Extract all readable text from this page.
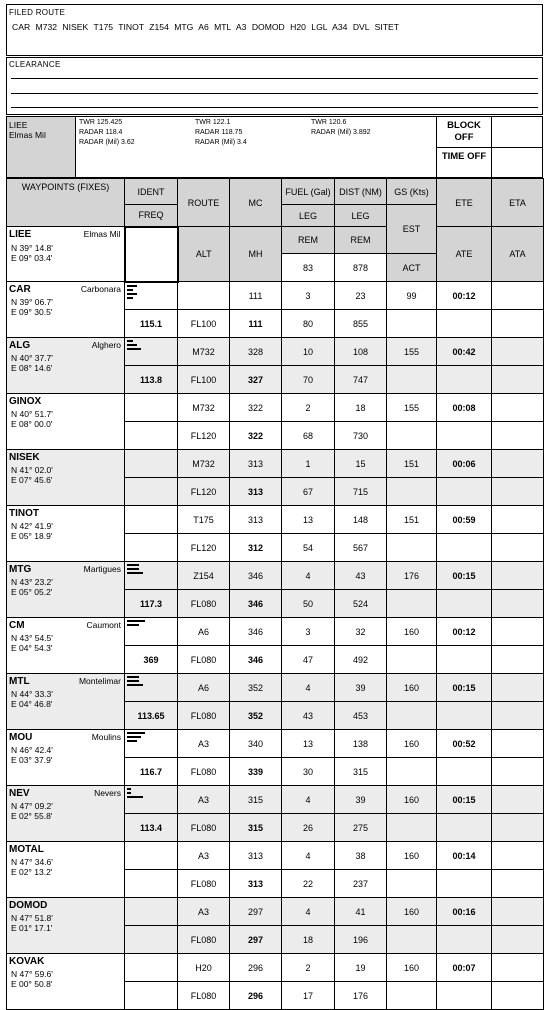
FILED ROUTE
CAR M732 NISEK T175 TINOT Z154 MTG A6 MTL A3 DOMOD H20 LGL A34 DVL SITET
CLEARANCE
LIEE
Elmas Mil
TWR 125.425
RADAR 118.4
RADAR (Mil) 3.62
TWR 122.1
RADAR 118.75
RADAR (Mil) 3.4
TWR 120.6
RADAR (Mil) 3.892
BLOCK OFF
TIME OFF
WAYPOINTS (FIXES)	IDENT	ROUTE	MC	FUEL (Gal)	DIST (NM)	GS (Kts)	ETE	ETA
	FREQ			LEG	LEG	EST		

LIEE Elmas Mil
N 39° 14.8'
E 09° 03.4'		ALT	MH	REM	REM		ATE	ATA
				83	878	ACT		

CAR Carbonara
N 39° 06.7'
E 09° 30.5'			111	3	23	99	00:12	
	115.1	FL100	111	80	855			

ALG Alghero
N 40° 37.7'
E 08° 14.6'		M732	328	10	108	155	00:42	
	113.8	FL100	327	70	747			

GINOX
N 40° 51.7'
E 08° 00.0'		M732	322	2	18	155	00:08	
		FL120	322	68	730			

NISEK
N 41° 02.0'
E 07° 45.6'		M732	313	1	15	151	00:06	
		FL120	313	67	715			

TINOT
N 42° 41.9'
E 05° 18.9'		T175	313	13	148	151	00:59	
		FL120	312	54	567			

MTG Martigues
N 43° 23.2'
E 05° 05.2'		Z154	346	4	43	176	00:15	
	117.3	FL080	346	50	524			

CM Caumont
N 43° 54.5'
E 04° 54.3'		A6	346	3	32	160	00:12	
	369	FL080	346	47	492			

MTL Montelimar
N 44° 33.3'
E 04° 46.8'		A6	352	4	39	160	00:15	
	113.65	FL080	352	43	453			

MOU Moulins
N 46° 42.4'
E 03° 37.9'		A3	340	13	138	160	00:52	
	116.7	FL080	339	30	315			

NEV Nevers
N 47° 09.2'
E 02° 55.8'		A3	315	4	39	160	00:15	
	113.4	FL080	315	26	275			

MOTAL
N 47° 34.6'
E 02° 13.2'		A3	313	4	38	160	00:14	
		FL080	313	22	237			

DOMOD
N 47° 51.8'
E 01° 17.1'		A3	297	4	41	160	00:16	
		FL080	297	18	196			

KOVAK
N 47° 59.6'
E 00° 50.8'		H20	296	2	19	160	00:07	
		FL080	296	17	176			
